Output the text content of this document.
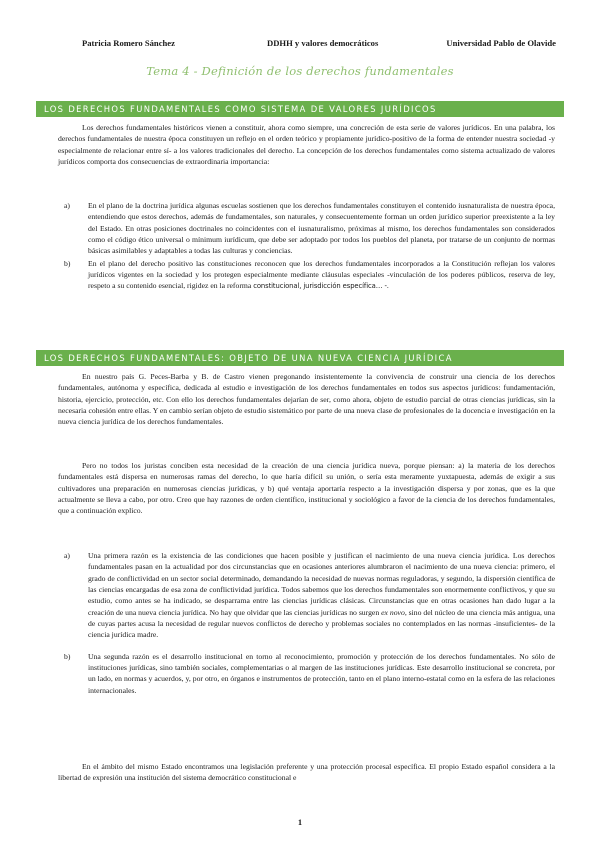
Patricia Romero Sánchez	DDHH y valores democráticos	Universidad Pablo de Olavide
Tema 4 - Definición de los derechos fundamentales
LOS DERECHOS FUNDAMENTALES COMO SISTEMA DE VALORES JURÍDICOS

Los derechos fundamentales históricos vienen a constituir, ahora como siempre, una concreción de esta serie de valores jurídicos. En una palabra, los derechos fundamentales de nuestra época constituyen un reflejo en el orden teórico y propiamente jurídico-positivo de la forma de entender nuestra sociedad -y especialmente de relacionar entre sí- a los valores tradicionales del derecho. La concepción de los derechos fundamentales como sistema actualizado de valores jurídicos comporta dos consecuencias de extraordinaria importancia:

a) En el plano de la doctrina jurídica algunas escuelas sostienen que los derechos fundamentales constituyen el contenido iusnaturalista de nuestra época, entendiendo que estos derechos, además de fundamentales, son naturales, y consecuentemente forman un orden jurídico superior preexistente a la ley del Estado. En otras posiciones doctrinales no coincidentes con el iusnaturalismo, próximas al mismo, los derechos fundamentales son considerados como el código ético universal o mínimum iurídicum, que debe ser adoptado por todos los pueblos del planeta, por tratarse de un conjunto de normas básicas asimilables y adaptables a todas las culturas y conciencias.
b) En el plano del derecho positivo las constituciones reconocen que los derechos fundamentales incorporados a la Constitución reflejan los valores jurídicos vigentes en la sociedad y los protegen especialmente mediante cláusulas especiales -vinculación de los poderes públicos, reserva de ley, respeto a su contenido esencial, rigidez en la reforma constitucional, jurisdicción específica… -.
LOS DERECHOS FUNDAMENTALES: OBJETO DE UNA NUEVA CIENCIA JURÍDICA

En nuestro país G. Peces-Barba y B. de Castro vienen pregonando insistentemente la convivencia de construir una ciencia de los derechos fundamentales, autónoma y específica, dedicada al estudio e investigación de los derechos fundamentales en todos sus aspectos jurídicos: fundamentación, historia, ejercicio, protección, etc. Con ello los derechos fundamentales dejarían de ser, como ahora, objeto de estudio parcial de otras ciencias jurídicas, sin la necesaria cohesión entre ellas. Y en cambio serían objeto de estudio sistemático por parte de una nueva clase de profesionales de la docencia e investigación en la nueva ciencia jurídica de los derechos fundamentales.

Pero no todos los juristas conciben esta necesidad de la creación de una ciencia jurídica nueva, porque piensan: a) la materia de los derechos fundamentales está dispersa en numerosas ramas del derecho, lo que haría difícil su unión, o sería esta meramente yuxtapuesta, además de exigir a sus cultivadores una preparación en numerosas ciencias jurídicas, y b) qué ventaja aportaría respecto a la investigación dispersa y por zonas, que es la que actualmente se lleva a cabo, por otro. Creo que hay razones de orden científico, institucional y sociológico a favor de la ciencia de los derechos fundamentales, que a continuación explico.

a) Una primera razón es la existencia de las condiciones que hacen posible y justifican el nacimiento de una nueva ciencia jurídica. Los derechos fundamentales pasan en la actualidad por dos circunstancias que en ocasiones anteriores alumbraron el nacimiento de una nueva ciencia: primero, el grado de conflictividad en un sector social determinado, demandando la necesidad de nuevas normas reguladoras, y segundo, la dispersión científica de las ciencias encargadas de esa zona de conflictividad jurídica. Todos sabemos que los derechos fundamentales son enormemente conflictivos, y que su estudio, como antes se ha indicado, se desparrama entre las ciencias jurídicas clásicas. Circunstancias que en otras ocasiones han dado lugar a la creación de una nueva ciencia jurídica. No hay que olvidar que las ciencias jurídicas no surgen ex novo, sino del núcleo de una ciencia más antigua, una de cuyas partes acusa la necesidad de regular nuevos conflictos de derecho y problemas sociales no contemplados en las normas -insuficientes- de la ciencia jurídica madre.
b) Una segunda razón es el desarrollo institucional en torno al reconocimiento, promoción y protección de los derechos fundamentales. No sólo de instituciones jurídicas, sino también sociales, complementarias o al margen de las instituciones jurídicas. Este desarrollo institucional se concreta, por un lado, en normas y acuerdos, y, por otro, en órganos e instrumentos de protección, tanto en el plano interno-estatal como en la esfera de las relaciones internacionales.

En el ámbito del mismo Estado encontramos una legislación preferente y una protección procesal específica. El propio Estado español considera a la libertad de expresión una institución del sistema democrático constitucional e

1
